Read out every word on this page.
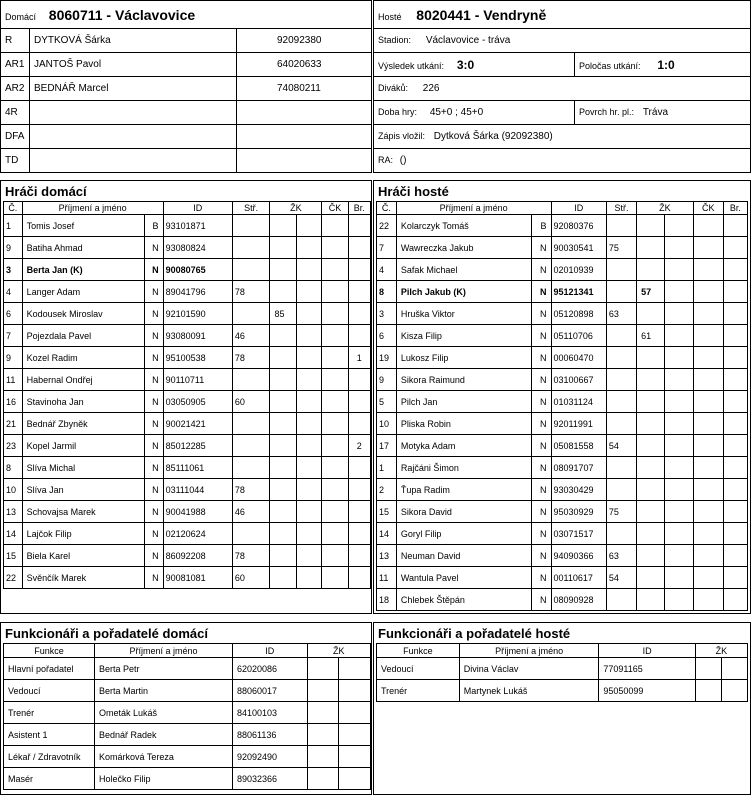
Domácí 8060711 - Václavovice		
R	DYTKOVÁ Šárka	92092380
AR1	JANTOŠ Pavol	64020633
AR2	BEDNÁŘ Marcel	74080211
4R		
DFA		
TD		
Hosté 8020441 - Vendryně	
Stadion: Václavovice - tráva	
Výsledek utkání: 3:0	Poločas utkání: 1:0
Diváků: 226	
Doba hry: 45+0 ; 45+0	Povrch hr. pl.: Tráva
Zápis vložil: Dytková Šárka (92092380)	
RA: ()	
Hráči domácí
Č.	Příjmení a jméno		ID	Stř.	ŽK		ČK	Br.
1	Tomis Josef	B	93101871					
9	Batiha Ahmad	N	93080824					
3	Berta Jan (K)	N	90080765					
4	Langer Adam	N	89041796	78				
6	Kodousek Miroslav	N	92101590		85			
7	Pojezdala Pavel	N	93080091	46				
9	Kozel Radim	N	95100538	78				1
11	Habernal Ondřej	N	90110711					
16	Stavinoha Jan	N	03050905	60				
21	Bednář Zbyněk	N	90021421					
23	Kopel Jarmil	N	85012285					2
8	Slíva Michal	N	85111061					
10	Slíva Jan	N	03111044	78				
13	Schovajsa Marek	N	90041988	46				
14	Lajčok Filip	N	02120624					
15	Biela Karel	N	86092208	78				
22	Svěnčík Marek	N	90081081	60				
Hráči hosté
Č.	Příjmení a jméno		ID	Stř.	ŽK		ČK	Br.
22	Kolarczyk Tomáš	B	92080376					
7	Wawreczka Jakub	N	90030541	75				
4	Safak Michael	N	02010939					
8	Pilch Jakub (K)	N	95121341		57			
3	Hruška Viktor	N	05120898	63				
6	Kisza Filip	N	05110706		61			
19	Lukosz Filip	N	00060470					
9	Sikora Raimund	N	03100667					
5	Pilch Jan	N	01031124					
10	Pliska Robin	N	92011991					
17	Motyka Adam	N	05081558	54				
1	Rajčáni Šimon	N	08091707					
2	Ťupa Radim	N	93030429					
15	Sikora David	N	95030929	75				
14	Goryl Filip	N	03071517					
13	Neuman David	N	94090366	63				
11	Wantula Pavel	N	00110617	54				
18	Chlebek Štěpán	N	08090928					
Funkcionáři a pořadatelé domácí
Funkce	Příjmení a jméno	ID	ŽK	
Hlavní pořadatel	Berta Petr	62020086		
Vedoucí	Berta Martin	88060017		
Trenér	Ometák Lukáš	84100103		
Asistent 1	Bednář Radek	88061136		
Lékař / Zdravotník	Komárková Tereza	92092490		
Masér	Holečko Filip	89032366		
Funkcionáři a pořadatelé hosté
Funkce	Příjmení a jméno	ID	ŽK	
Vedoucí	Divina Václav	77091165		
Trenér	Martynek Lukáš	95050099		
